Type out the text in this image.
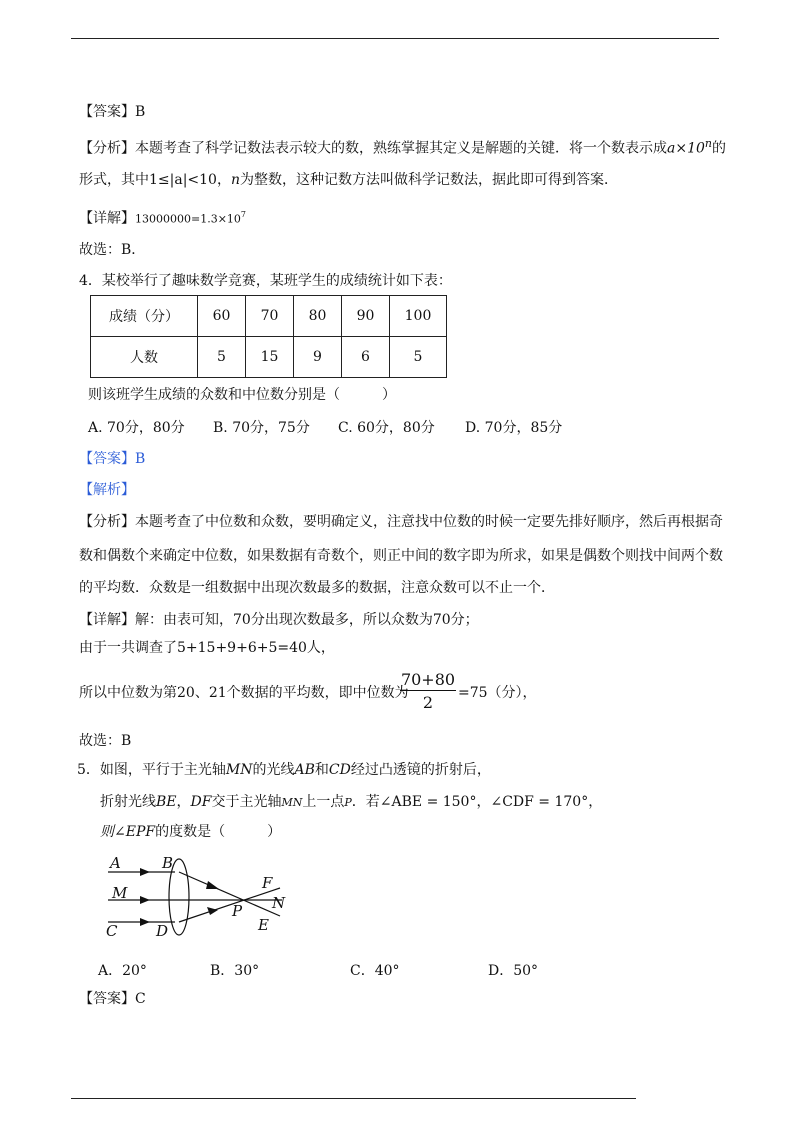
【答案】B
【分析】本题考查了科学记数法表示较大的数，熟练掌握其定义是解题的关键．将一个数表示成$a\times 10^n$的
形式，其中1≤|a|<10，n为整数，这种记数方法叫做科学记数法，据此即可得到答案．
【详解】$13000000=1.3\times 10^7$
故选：B．
4．某校举行了趣味数学竞赛，某班学生的成绩统计如下表：
成绩（分）	60	70	80	90	100
人数	5	15	9	6	5
则该班学生成绩的众数和中位数分别是（　　　）
A. 70分，80分 B. 70分，75分 C. 60分，80分 D. 70分，85分
【答案】B
【解析】
【分析】本题考查了中位数和众数，要明确定义，注意找中位数的时候一定要先排好顺序，然后再根据奇
数和偶数个来确定中位数，如果数据有奇数个，则正中间的数字即为所求，如果是偶数个则找中间两个数
的平均数．众数是一组数据中出现次数最多的数据，注意众数可以不止一个．
【详解】解：由表可知，70分出现次数最多，所以众数为70分；
由于一共调查了5+15+9+6+5=40人，
所以中位数为第20、21个数据的平均数，即中位数为
$\frac{70+80}{2} =75$（分），
故选：B
5．如图，平行于主光轴MN的光线AB和CD经过凸透镜的折射后，
折射光线BE，DF交于主光轴MN上一点P．若∠ABE = 150°，∠CDF = 170°，
则∠EPF的度数是（　　　）
A	B
M
C	D
P
F
N
E
A．20°	B．30°	C．40°	D．50°
【答案】C
